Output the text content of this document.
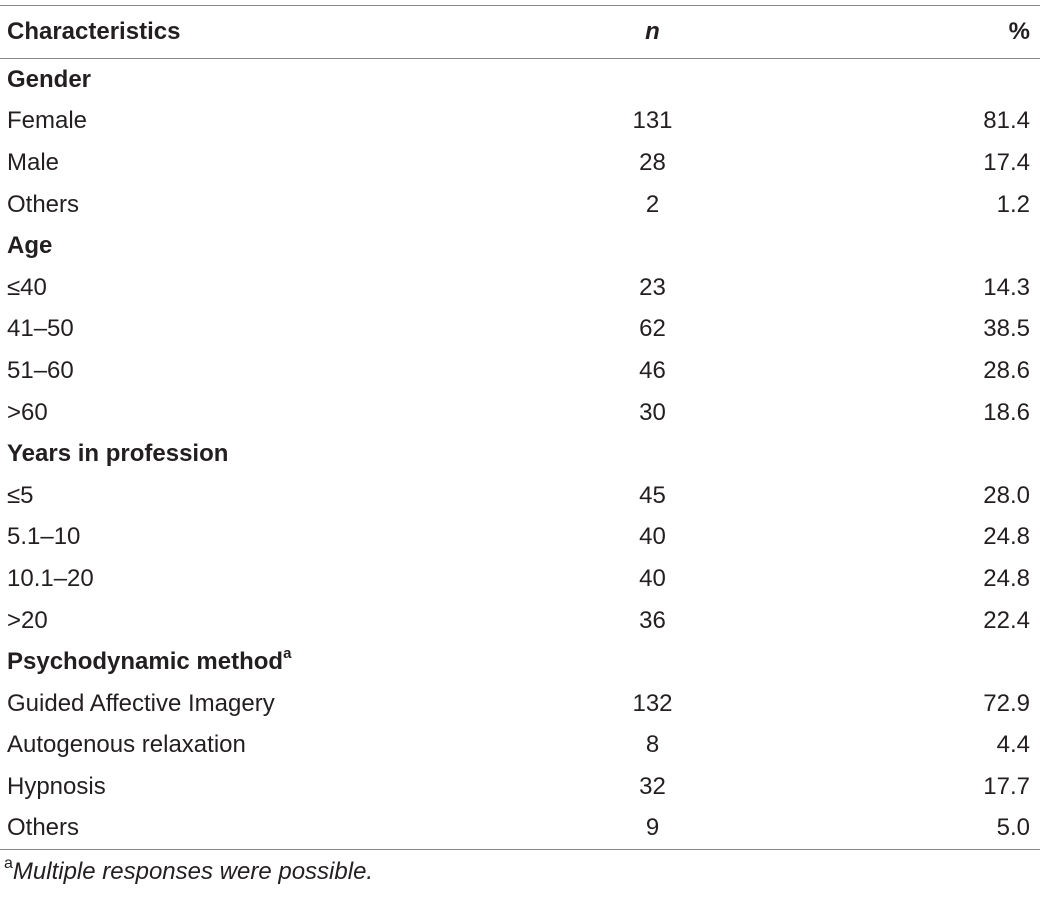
Characteristics	n	%
Gender		
Female	131	81.4
Male	28	17.4
Others	2	1.2
Age		
≤40	23	14.3
41–50	62	38.5
51–60	46	28.6
>60	30	18.6
Years in profession		
≤5	45	28.0
5.1–10	40	24.8
10.1–20	40	24.8
>20	36	22.4
Psychodynamic method$^a$
Guided Affective Imagery	132	72.9
Autogenous relaxation	8	4.4
Hypnosis	32	17.7
Others	9	5.0
$^a$Multiple responses were possible.
